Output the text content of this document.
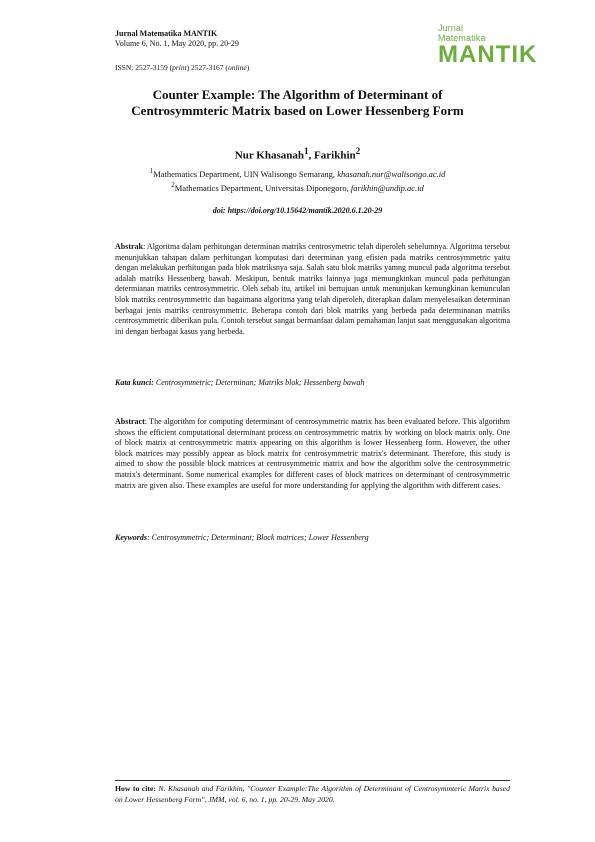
Jurnal Matematika MANTIK
Volume 6, No. 1, May 2020, pp. 20-29
ISSN: 2527-3159 (print) 2527-3167 (online)
Jurnal Matematika
MANTIK
Counter Example: The Algorithm of Determinant of
Centrosymmteric Matrix based on Lower Hessenberg Form
Nur Khasanah$^1$, Farikhin$^2$
$^1$Mathematics Department, UIN Walisongo Semarang, khasanah.nur@walisongo.ac.id
$^2$Mathematics Department, Universitas Diponegoro, farikhin@undip.ac.id
doi: https://doi.org/10.15642/mantik.2020.6.1.20-29
Abstrak: Algoritma dalam perhitungan determinan matriks centrosymetric telah diperoleh sebelumnya. Algoritma tersebut menunjukkan tahapan dalam perhitungan komputasi dari determinan yang efisien pada matriks centrosymmetric yaitu dengan melakukan perhitungan pada blok matriksnya saja. Salah satu blok matriks yamng muncul pada algoritma tersebut adalah matriks Hessenberg bawah. Meskipun, bentuk matriks lainnya juga memungkinkan muncul pada perhitungan determianan matriks centrosymmetric. Oleh sebab itu, artikel ini bertujuan untuk menunjukan kemungkinan kemunculan blok matriks centrosymmetric dan bagaimana algoritma yang telah diperoleh, diterapkan dalam menyelesaikan determinan berbagai jenis matriks centrosymmetric. Beberapa contoh dari blok matriks yang berbeda pada determinanan matriks centrosymmetric diberikan pula. Contoh tersebut sangat bermanfaat dalam pemahaman lanjut saat menggunakan algoritma ini dengan berbagai kasus yang berbeda.
Kata kunci: Centrosymmetric; Determinan; Matriks blok; Hessenberg bawah
Abstract: The algorithm for computing determinant of centrosymmetric matrix has been evaluated before. This algorithm shows the efficient computational determinant process on centrosymmetric matrix by working on block matrix only. One of block matrix at centrosymmetric matrix appearing on this algorithm is lower Hessenberg form. However, the other block matrices may possibly appear as block matrix for centrosymmetric matrix's determinant. Therefore, this study is aimed to show the possible block matrices at centrosymmetric matrix and how the algorithm solve the centrosymmetric matrix's determinant. Some numerical examples for different cases of block matrices on determinant of centrosymmetric matrix are given also. These examples are useful for more understanding for applying the algorithm with different cases.
Keywords: Centrosymmetric; Determinant; Block matrices; Lower Hessenberg
How to cite: N. Khasanah and Farikhin, "Counter Example:The Algorithm of Determinant of Centrosymmteric Matrix based on Lower Hessenberg Form", JMM, vol. 6, no. 1, pp. 20-29, May 2020.
